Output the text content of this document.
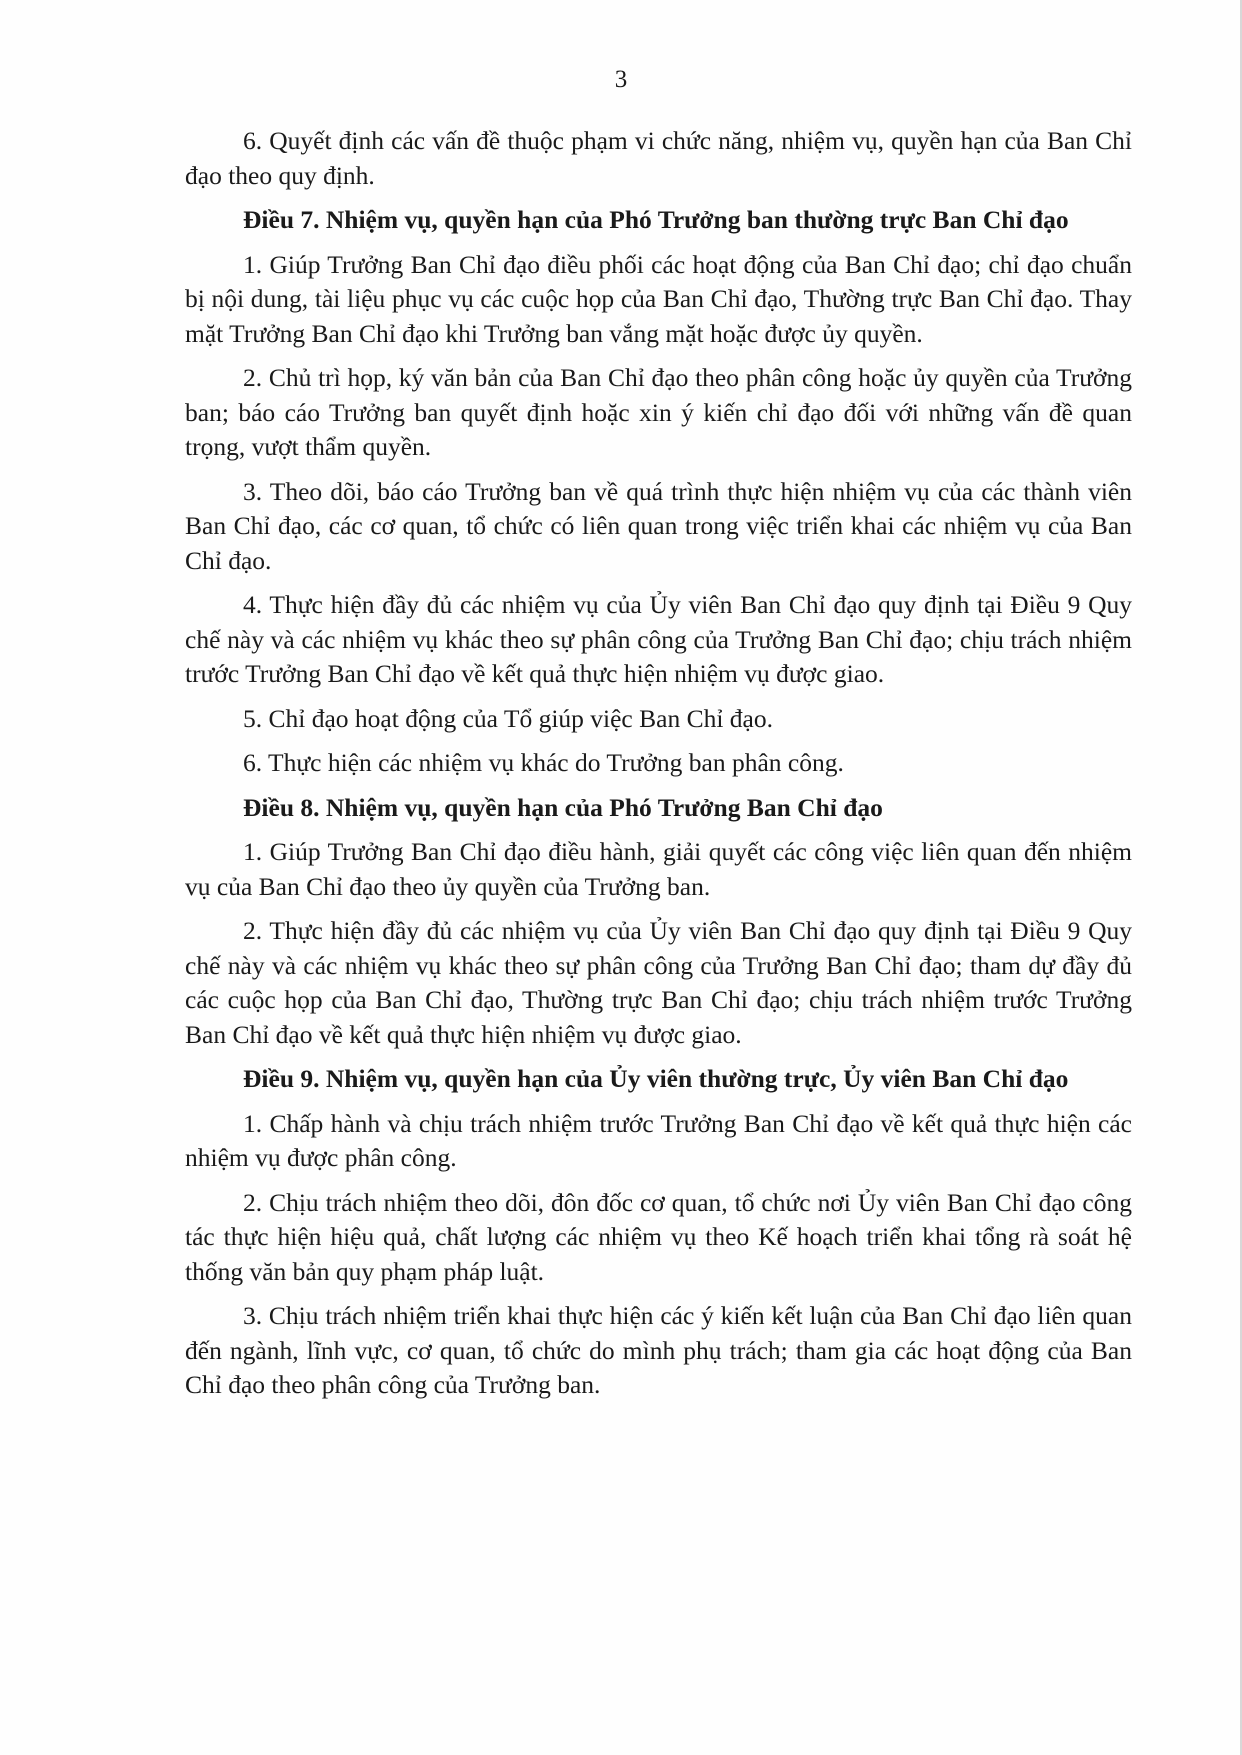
3

6. Quyết định các vấn đề thuộc phạm vi chức năng, nhiệm vụ, quyền hạn của Ban Chỉ đạo theo quy định.

Điều 7. Nhiệm vụ, quyền hạn của Phó Trưởng ban thường trực Ban Chỉ đạo

1. Giúp Trưởng Ban Chỉ đạo điều phối các hoạt động của Ban Chỉ đạo; chỉ đạo chuẩn bị nội dung, tài liệu phục vụ các cuộc họp của Ban Chỉ đạo, Thường trực Ban Chỉ đạo. Thay mặt Trưởng Ban Chỉ đạo khi Trưởng ban vắng mặt hoặc được ủy quyền.

2. Chủ trì họp, ký văn bản của Ban Chỉ đạo theo phân công hoặc ủy quyền của Trưởng ban; báo cáo Trưởng ban quyết định hoặc xin ý kiến chỉ đạo đối với những vấn đề quan trọng, vượt thẩm quyền.

3. Theo dõi, báo cáo Trưởng ban về quá trình thực hiện nhiệm vụ của các thành viên Ban Chỉ đạo, các cơ quan, tổ chức có liên quan trong việc triển khai các nhiệm vụ của Ban Chỉ đạo.

4. Thực hiện đầy đủ các nhiệm vụ của Ủy viên Ban Chỉ đạo quy định tại Điều 9 Quy chế này và các nhiệm vụ khác theo sự phân công của Trưởng Ban Chỉ đạo; chịu trách nhiệm trước Trưởng Ban Chỉ đạo về kết quả thực hiện nhiệm vụ được giao.

5. Chỉ đạo hoạt động của Tổ giúp việc Ban Chỉ đạo.

6. Thực hiện các nhiệm vụ khác do Trưởng ban phân công.

Điều 8. Nhiệm vụ, quyền hạn của Phó Trưởng Ban Chỉ đạo

1. Giúp Trưởng Ban Chỉ đạo điều hành, giải quyết các công việc liên quan đến nhiệm vụ của Ban Chỉ đạo theo ủy quyền của Trưởng ban.

2. Thực hiện đầy đủ các nhiệm vụ của Ủy viên Ban Chỉ đạo quy định tại Điều 9 Quy chế này và các nhiệm vụ khác theo sự phân công của Trưởng Ban Chỉ đạo; tham dự đầy đủ các cuộc họp của Ban Chỉ đạo, Thường trực Ban Chỉ đạo; chịu trách nhiệm trước Trưởng Ban Chỉ đạo về kết quả thực hiện nhiệm vụ được giao.

Điều 9. Nhiệm vụ, quyền hạn của Ủy viên thường trực, Ủy viên Ban Chỉ đạo

1. Chấp hành và chịu trách nhiệm trước Trưởng Ban Chỉ đạo về kết quả thực hiện các nhiệm vụ được phân công.

2. Chịu trách nhiệm theo dõi, đôn đốc cơ quan, tổ chức nơi Ủy viên Ban Chỉ đạo công tác thực hiện hiệu quả, chất lượng các nhiệm vụ theo Kế hoạch triển khai tổng rà soát hệ thống văn bản quy phạm pháp luật.

3. Chịu trách nhiệm triển khai thực hiện các ý kiến kết luận của Ban Chỉ đạo liên quan đến ngành, lĩnh vực, cơ quan, tổ chức do mình phụ trách; tham gia các hoạt động của Ban Chỉ đạo theo phân công của Trưởng ban.
